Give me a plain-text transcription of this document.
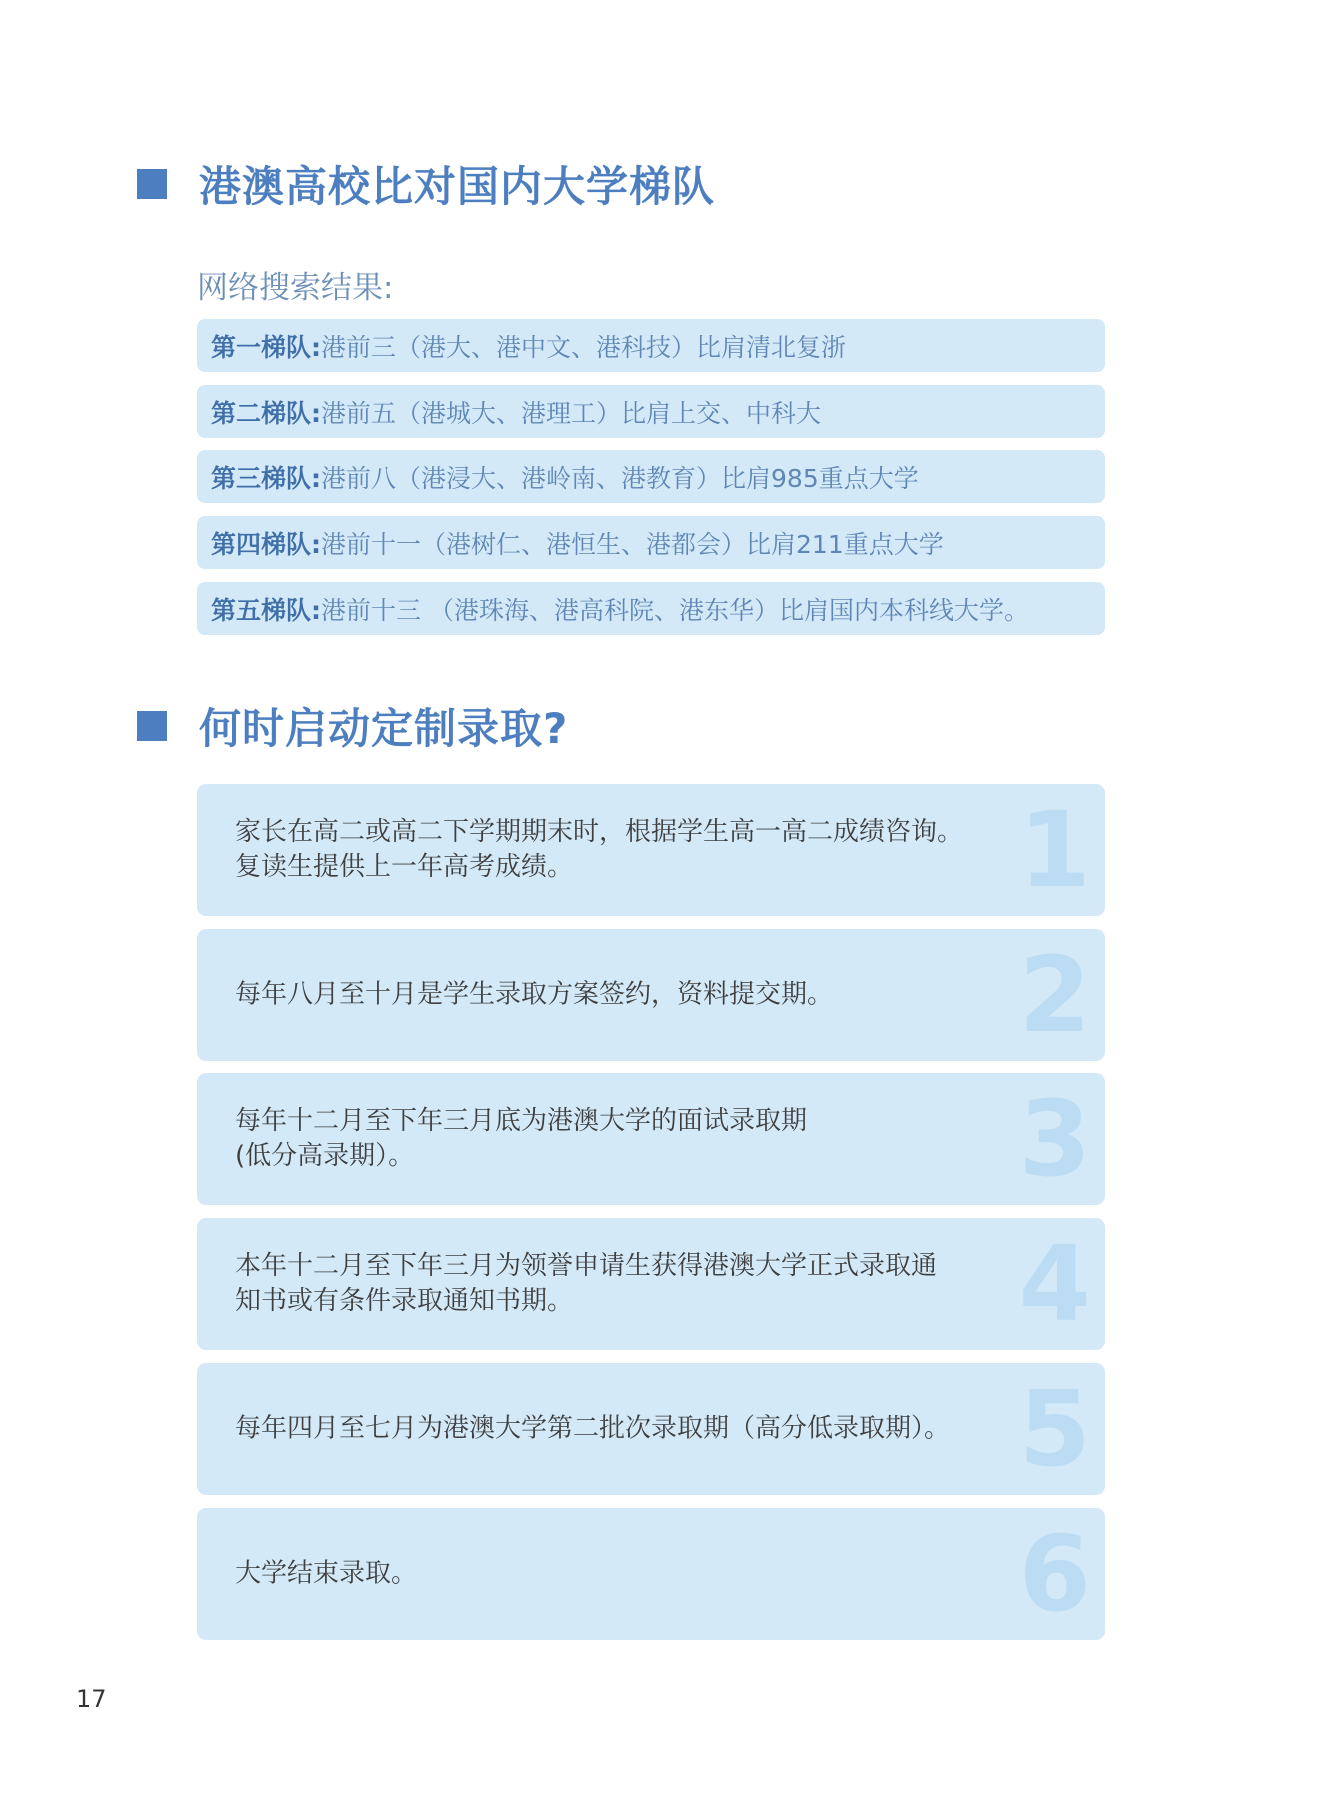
港澳高校比对国内大学梯队
网络搜索结果:
第一梯队: 港前三（港大、港中文、港科技）比肩清北复浙
第二梯队: 港前五（港城大、港理工）比肩上交、中科大
第三梯队: 港前八（港浸大、港岭南、港教育）比肩985重点大学
第四梯队: 港前十一（港树仁、港恒生、港都会）比肩211重点大学
第五梯队: 港前十三 （港珠海、港高科院、港东华）比肩国内本科线大学。
何时启动定制录取?
1
家长在高二或高二下学期期末时，根据学生高一高二成绩咨询。
复读生提供上一年高考成绩。
2
每年八月至十月是学生录取方案签约，资料提交期。
3
每年十二月至下年三月底为港澳大学的面试录取期
(低分高录期）。
4
本年十二月至下年三月为领誉申请生获得港澳大学正式录取通
知书或有条件录取通知书期。
5
每年四月至七月为港澳大学第二批次录取期（高分低录取期）。
6
大学结束录取。
17
